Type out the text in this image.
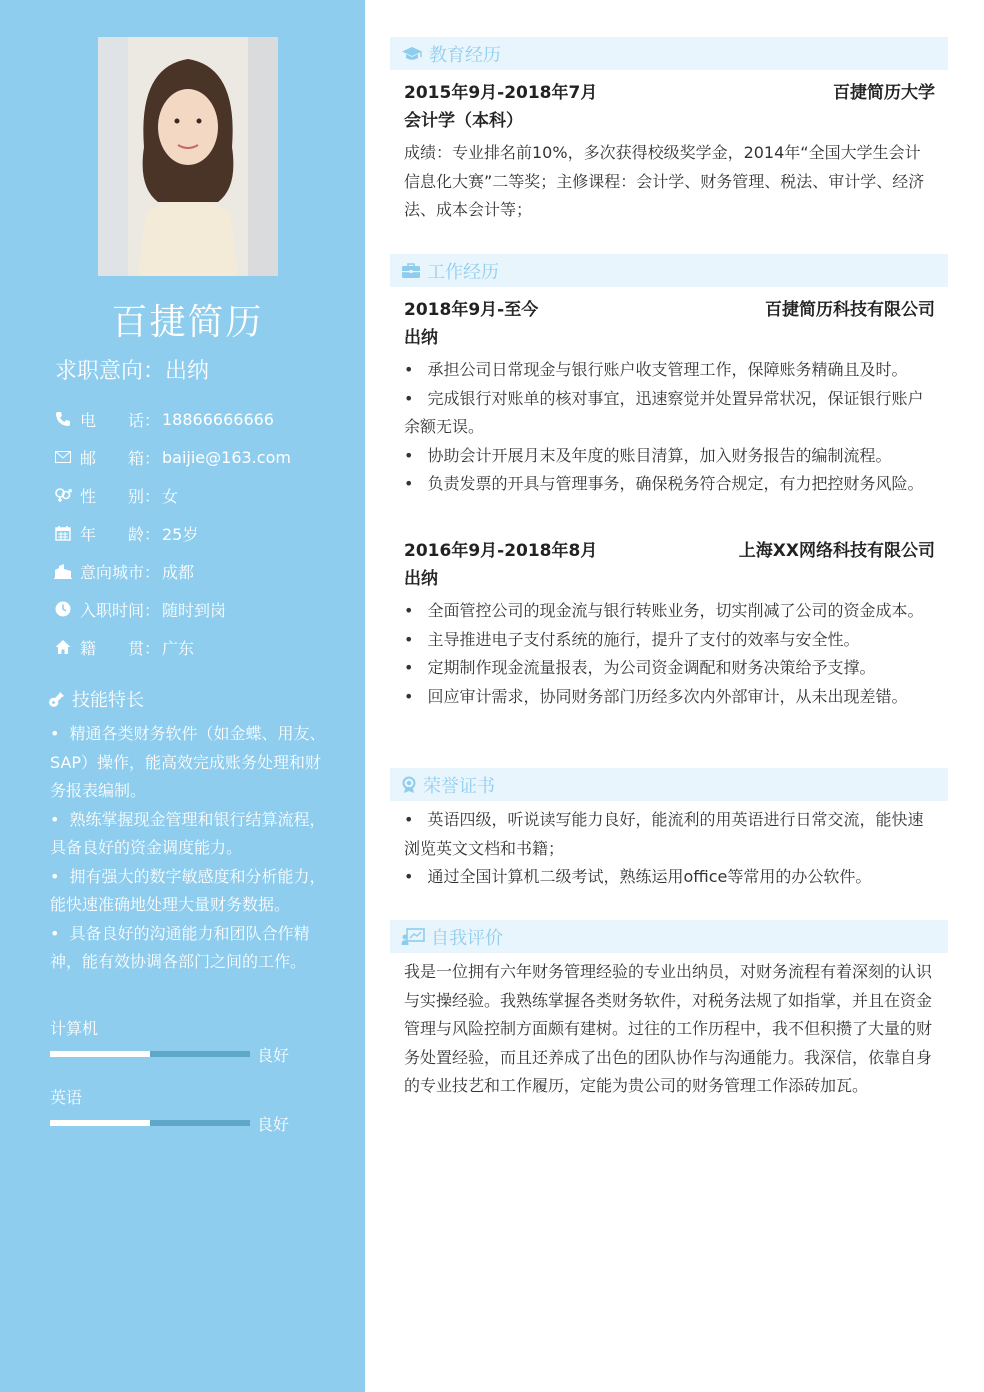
百捷简历
求职意向：出纳
电　　话： 18866666666
邮　　箱： baijie@163.com
性　　别： 女
年　　龄： 25岁
意向城市： 成都
入职时间： 随时到岗
籍　　贯： 广东
技能特长
• 精通各类财务软件（如金蝶、用友、SAP）操作，能高效完成账务处理和财务报表编制。
• 熟练掌握现金管理和银行结算流程，具备良好的资金调度能力。
• 拥有强大的数字敏感度和分析能力，能快速准确地处理大量财务数据。
• 具备良好的沟通能力和团队合作精神，能有效协调各部门之间的工作。
计算机
良好
英语
良好
教育经历
2015年9月-2018年7月	百捷简历大学
会计学（本科）

成绩：专业排名前10%，多次获得校级奖学金，2014年“全国大学生会计信息化大赛”二等奖；主修课程：会计学、财务管理、税法、审计学、经济法、成本会计等；

工作经历
2018年9月-至今	百捷简历科技有限公司
出纳
• 承担公司日常现金与银行账户收支管理工作，保障账务精确且及时。
• 完成银行对账单的核对事宜，迅速察觉并处置异常状况，保证银行账户余额无误。
• 协助会计开展月末及年度的账目清算，加入财务报告的编制流程。
• 负责发票的开具与管理事务，确保税务符合规定，有力把控财务风险。
2016年9月-2018年8月	上海XX网络科技有限公司
出纳
• 全面管控公司的现金流与银行转账业务，切实削减了公司的资金成本。
• 主导推进电子支付系统的施行，提升了支付的效率与安全性。
• 定期制作现金流量报表，为公司资金调配和财务决策给予支撑。
• 回应审计需求，协同财务部门历经多次内外部审计，从未出现差错。
荣誉证书
• 英语四级，听说读写能力良好，能流利的用英语进行日常交流，能快速浏览英文文档和书籍；
• 通过全国计算机二级考试，熟练运用office等常用的办公软件。
自我评价

我是一位拥有六年财务管理经验的专业出纳员，对财务流程有着深刻的认识与实操经验。我熟练掌握各类财务软件，对税务法规了如指掌，并且在资金管理与风险控制方面颇有建树。过往的工作历程中，我不但积攒了大量的财务处置经验，而且还养成了出色的团队协作与沟通能力。我深信，依靠自身的专业技艺和工作履历，定能为贵公司的财务管理工作添砖加瓦。
